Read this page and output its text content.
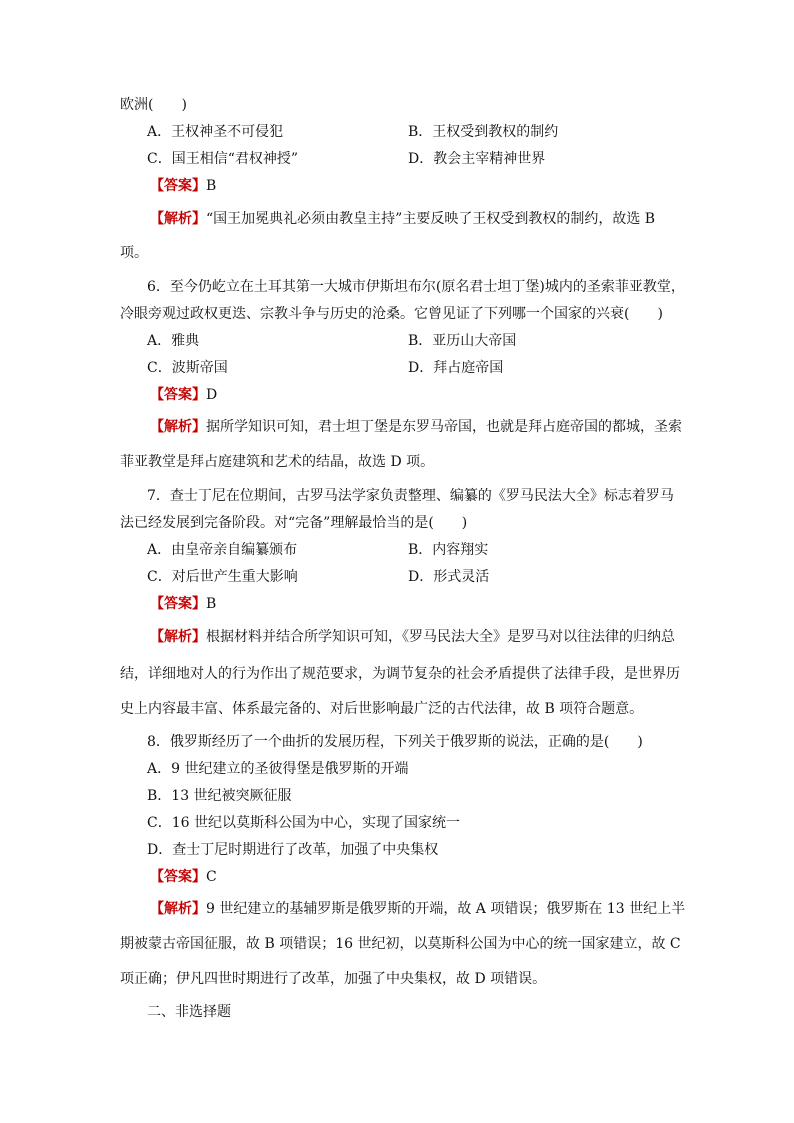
欧洲(　　)
A．王权神圣不可侵犯	B．王权受到教权的制约
C．国王相信“君权神授”	D．教会主宰精神世界
【答案】B
【解析】“国王加冕典礼必须由教皇主持”主要反映了王权受到教权的制约，故选 B
项。
6．至今仍屹立在土耳其第一大城市伊斯坦布尔(原名君士坦丁堡)城内的圣索菲亚教堂，
冷眼旁观过政权更迭、宗教斗争与历史的沧桑。它曾见证了下列哪一个国家的兴衰(　　)
A．雅典	B．亚历山大帝国
C．波斯帝国	D．拜占庭帝国
【答案】D
【解析】据所学知识可知，君士坦丁堡是东罗马帝国，也就是拜占庭帝国的都城，圣索
菲亚教堂是拜占庭建筑和艺术的结晶，故选 D 项。
7．查士丁尼在位期间，古罗马法学家负责整理、编纂的《罗马民法大全》标志着罗马
法已经发展到完备阶段。对“完备”理解最恰当的是(　　)
A．由皇帝亲自编纂颁布	B．内容翔实
C．对后世产生重大影响	D．形式灵活
【答案】B
【解析】根据材料并结合所学知识可知，《罗马民法大全》是罗马对以往法律的归纳总
结，详细地对人的行为作出了规范要求，为调节复杂的社会矛盾提供了法律手段，是世界历
史上内容最丰富、体系最完备的、对后世影响最广泛的古代法律，故 B 项符合题意。
8．俄罗斯经历了一个曲折的发展历程，下列关于俄罗斯的说法，正确的是(　　)
A．9 世纪建立的圣彼得堡是俄罗斯的开端
B．13 世纪被突厥征服
C．16 世纪以莫斯科公国为中心，实现了国家统一
D．查士丁尼时期进行了改革，加强了中央集权
【答案】C
【解析】9 世纪建立的基辅罗斯是俄罗斯的开端，故 A 项错误；俄罗斯在 13 世纪上半
期被蒙古帝国征服，故 B 项错误；16 世纪初，以莫斯科公国为中心的统一国家建立，故 C
项正确；伊凡四世时期进行了改革，加强了中央集权，故 D 项错误。
二、非选择题
